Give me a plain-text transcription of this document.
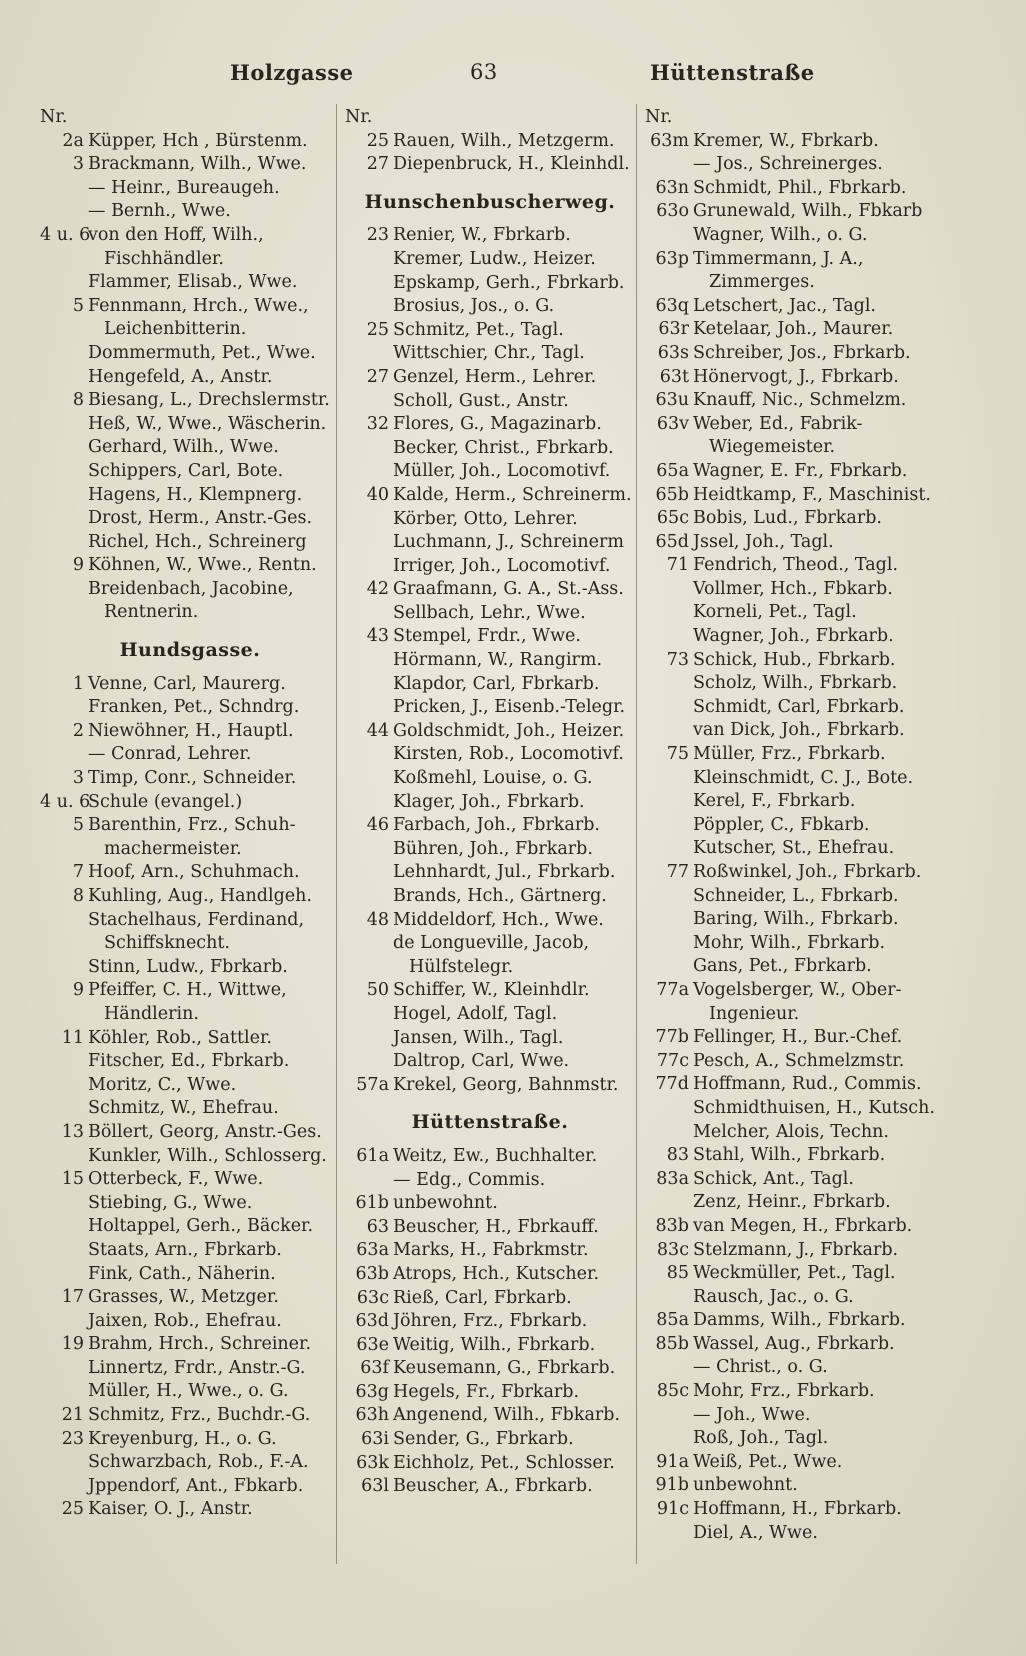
Holzgasse	63	Hüttenstraße
Nr.
2a Küpper, Hch , Bürstenm.
3 Brackmann, Wilh., Wwe.
— Heinr., Bureaugeh.
— Bernh., Wwe.
4 u. 6
von den Hoff, Wilh.,
Fischhändler.
Flammer, Elisab., Wwe.
5 Fennmann, Hrch., Wwe.,
Leichenbitterin.
Dommermuth, Pet., Wwe.
Hengefeld, A., Anstr.
8 Biesang, L., Drechslermstr.
Heß, W., Wwe., Wäscherin.
Gerhard, Wilh., Wwe.
Schippers, Carl, Bote.
Hagens, H., Klempnerg.
Drost, Herm., Anstr.-Ges.
Richel, Hch., Schreinerg
9 Köhnen, W., Wwe., Rentn.
Breidenbach, Jacobine,
Rentnerin.
Hundsgasse.
1 Venne, Carl, Maurerg.
Franken, Pet., Schndrg.
2 Niewöhner, H., Hauptl.
— Conrad, Lehrer.
3 Timp, Conr., Schneider.
4 u. 6
Schule (evangel.)
5 Barenthin, Frz., Schuh-
machermeister.
7 Hoof, Arn., Schuhmach.
8 Kuhling, Aug., Handlgeh.
Stachelhaus, Ferdinand,
Schiffsknecht.
Stinn, Ludw., Fbrkarb.
9 Pfeiffer, C. H., Wittwe,
Händlerin.
11 Köhler, Rob., Sattler.
Fitscher, Ed., Fbrkarb.
Moritz, C., Wwe.
Schmitz, W., Ehefrau.
13 Böllert, Georg, Anstr.-Ges.
Kunkler, Wilh., Schlosserg.
15 Otterbeck, F., Wwe.
Stiebing, G., Wwe.
Holtappel, Gerh., Bäcker.
Staats, Arn., Fbrkarb.
Fink, Cath., Näherin.
17 Grasses, W., Metzger.
Jaixen, Rob., Ehefrau.
19 Brahm, Hrch., Schreiner.
Linnertz, Frdr., Anstr.-G.
Müller, H., Wwe., o. G.
21 Schmitz, Frz., Buchdr.-G.
23 Kreyenburg, H., o. G.
Schwarzbach, Rob., F.-A.
Jppendorf, Ant., Fbkarb.
25 Kaiser, O. J., Anstr.
Nr.
25 Rauen, Wilh., Metzgerm.
27 Diepenbruck, H., Kleinhdl.
Hunschenbuscherweg.
23 Renier, W., Fbrkarb.
Kremer, Ludw., Heizer.
Epskamp, Gerh., Fbrkarb.
Brosius, Jos., o. G.
25 Schmitz, Pet., Tagl.
Wittschier, Chr., Tagl.
27 Genzel, Herm., Lehrer.
Scholl, Gust., Anstr.
32 Flores, G., Magazinarb.
Becker, Christ., Fbrkarb.
Müller, Joh., Locomotivf.
40 Kalde, Herm., Schreinerm.
Körber, Otto, Lehrer.
Luchmann, J., Schreinerm
Irriger, Joh., Locomotivf.
42 Graafmann, G. A., St.-Ass.
Sellbach, Lehr., Wwe.
43 Stempel, Frdr., Wwe.
Hörmann, W., Rangirm.
Klapdor, Carl, Fbrkarb.
Pricken, J., Eisenb.-Telegr.
44 Goldschmidt, Joh., Heizer.
Kirsten, Rob., Locomotivf.
Koßmehl, Louise, o. G.
Klager, Joh., Fbrkarb.
46 Farbach, Joh., Fbrkarb.
Bühren, Joh., Fbrkarb.
Lehnhardt, Jul., Fbrkarb.
Brands, Hch., Gärtnerg.
48 Middeldorf, Hch., Wwe.
de Longueville, Jacob,
Hülfstelegr.
50 Schiffer, W., Kleinhdlr.
Hogel, Adolf, Tagl.
Jansen, Wilh., Tagl.
Daltrop, Carl, Wwe.
57a Krekel, Georg, Bahnmstr.
Hüttenstraße.
61a Weitz, Ew., Buchhalter.
— Edg., Commis.
61b unbewohnt.
63 Beuscher, H., Fbrkauff.
63a Marks, H., Fabrkmstr.
63b Atrops, Hch., Kutscher.
63c Rieß, Carl, Fbrkarb.
63d Jöhren, Frz., Fbrkarb.
63e Weitig, Wilh., Fbrkarb.
63f Keusemann, G., Fbrkarb.
63g Hegels, Fr., Fbrkarb.
63h Angenend, Wilh., Fbkarb.
63i Sender, G., Fbrkarb.
63k Eichholz, Pet., Schlosser.
63l Beuscher, A., Fbrkarb.
Nr.
63m Kremer, W., Fbrkarb.
— Jos., Schreinerges.
63n Schmidt, Phil., Fbrkarb.
63o Grunewald, Wilh., Fbkarb
Wagner, Wilh., o. G.
63p Timmermann, J. A.,
Zimmerges.
63q Letschert, Jac., Tagl.
63r Ketelaar, Joh., Maurer.
63s Schreiber, Jos., Fbrkarb.
63t Hönervogt, J., Fbrkarb.
63u Knauff, Nic., Schmelzm.
63v Weber, Ed., Fabrik-
Wiegemeister.
65a Wagner, E. Fr., Fbrkarb.
65b Heidtkamp, F., Maschinist.
65c Bobis, Lud., Fbrkarb.
65d Jssel, Joh., Tagl.
71 Fendrich, Theod., Tagl.
Vollmer, Hch., Fbkarb.
Korneli, Pet., Tagl.
Wagner, Joh., Fbrkarb.
73 Schick, Hub., Fbrkarb.
Scholz, Wilh., Fbrkarb.
Schmidt, Carl, Fbrkarb.
van Dick, Joh., Fbrkarb.
75 Müller, Frz., Fbrkarb.
Kleinschmidt, C. J., Bote.
Kerel, F., Fbrkarb.
Pöppler, C., Fbkarb.
Kutscher, St., Ehefrau.
77 Roßwinkel, Joh., Fbrkarb.
Schneider, L., Fbrkarb.
Baring, Wilh., Fbrkarb.
Mohr, Wilh., Fbrkarb.
Gans, Pet., Fbrkarb.
77a Vogelsberger, W., Ober-
Ingenieur.
77b Fellinger, H., Bur.-Chef.
77c Pesch, A., Schmelzmstr.
77d Hoffmann, Rud., Commis.
Schmidthuisen, H., Kutsch.
Melcher, Alois, Techn.
83 Stahl, Wilh., Fbrkarb.
83a Schick, Ant., Tagl.
Zenz, Heinr., Fbrkarb.
83b van Megen, H., Fbrkarb.
83c Stelzmann, J., Fbrkarb.
85 Weckmüller, Pet., Tagl.
Rausch, Jac., o. G.
85a Damms, Wilh., Fbrkarb.
85b Wassel, Aug., Fbrkarb.
— Christ., o. G.
85c Mohr, Frz., Fbrkarb.
— Joh., Wwe.
Roß, Joh., Tagl.
91a Weiß, Pet., Wwe.
91b unbewohnt.
91c Hoffmann, H., Fbrkarb.
Diel, A., Wwe.
